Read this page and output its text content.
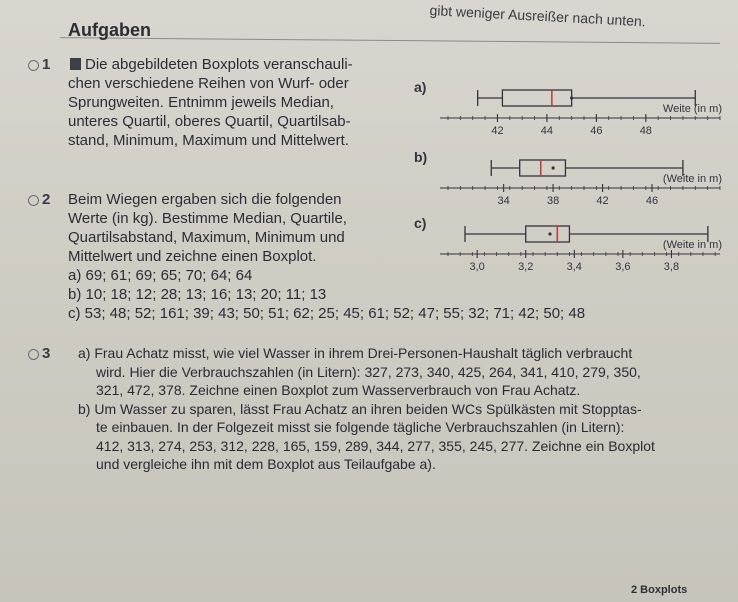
gibt weniger Ausreißer nach unten.
Aufgaben
1	Die abgebildeten Boxplots veranschauli-
chen verschiedene Reihen von Wurf- oder
Sprungweiten. Entnimm jeweils Median,
unteres Quartil, oberes Quartil, Quartilsab-
stand, Minimum, Maximum und Mittelwert.
2 Beim Wiegen ergaben sich die folgenden
Werte (in kg). Bestimme Median, Quartile,
Quartilsabstand, Maximum, Minimum und
Mittelwert und zeichne einen Boxplot.
a) 69; 61; 69; 65; 70; 64; 64
b) 10; 18; 12; 28; 13; 16; 13; 20; 11; 13
c) 53; 48; 52; 161; 39; 43; 50; 51; 62; 25; 45; 61; 52; 47; 55; 32; 71; 42; 50; 48
a)
42	44	46	48
Weite (in m)
b)
34	38	42	46
(Weite in m)
c)
3,0	3,2	3,4	3,6	3,8
(Weite in m)
3 a) Frau Achatz misst, wie viel Wasser in ihrem Drei-Personen-Haushalt täglich verbraucht
wird. Hier die Verbrauchszahlen (in Litern): 327, 273, 340, 425, 264, 341, 410, 279, 350,
321, 472, 378. Zeichne einen Boxplot zum Wasserverbrauch von Frau Achatz.
b) Um Wasser zu sparen, lässt Frau Achatz an ihren beiden WCs Spülkästen mit Stopptas-
te einbauen. In der Folgezeit misst sie folgende tägliche Verbrauchszahlen (in Litern):
412, 313, 274, 253, 312, 228, 165, 159, 289, 344, 277, 355, 245, 277. Zeichne ein Boxplot
und vergleiche ihn mit dem Boxplot aus Teilaufgabe a).
2 Boxplots
